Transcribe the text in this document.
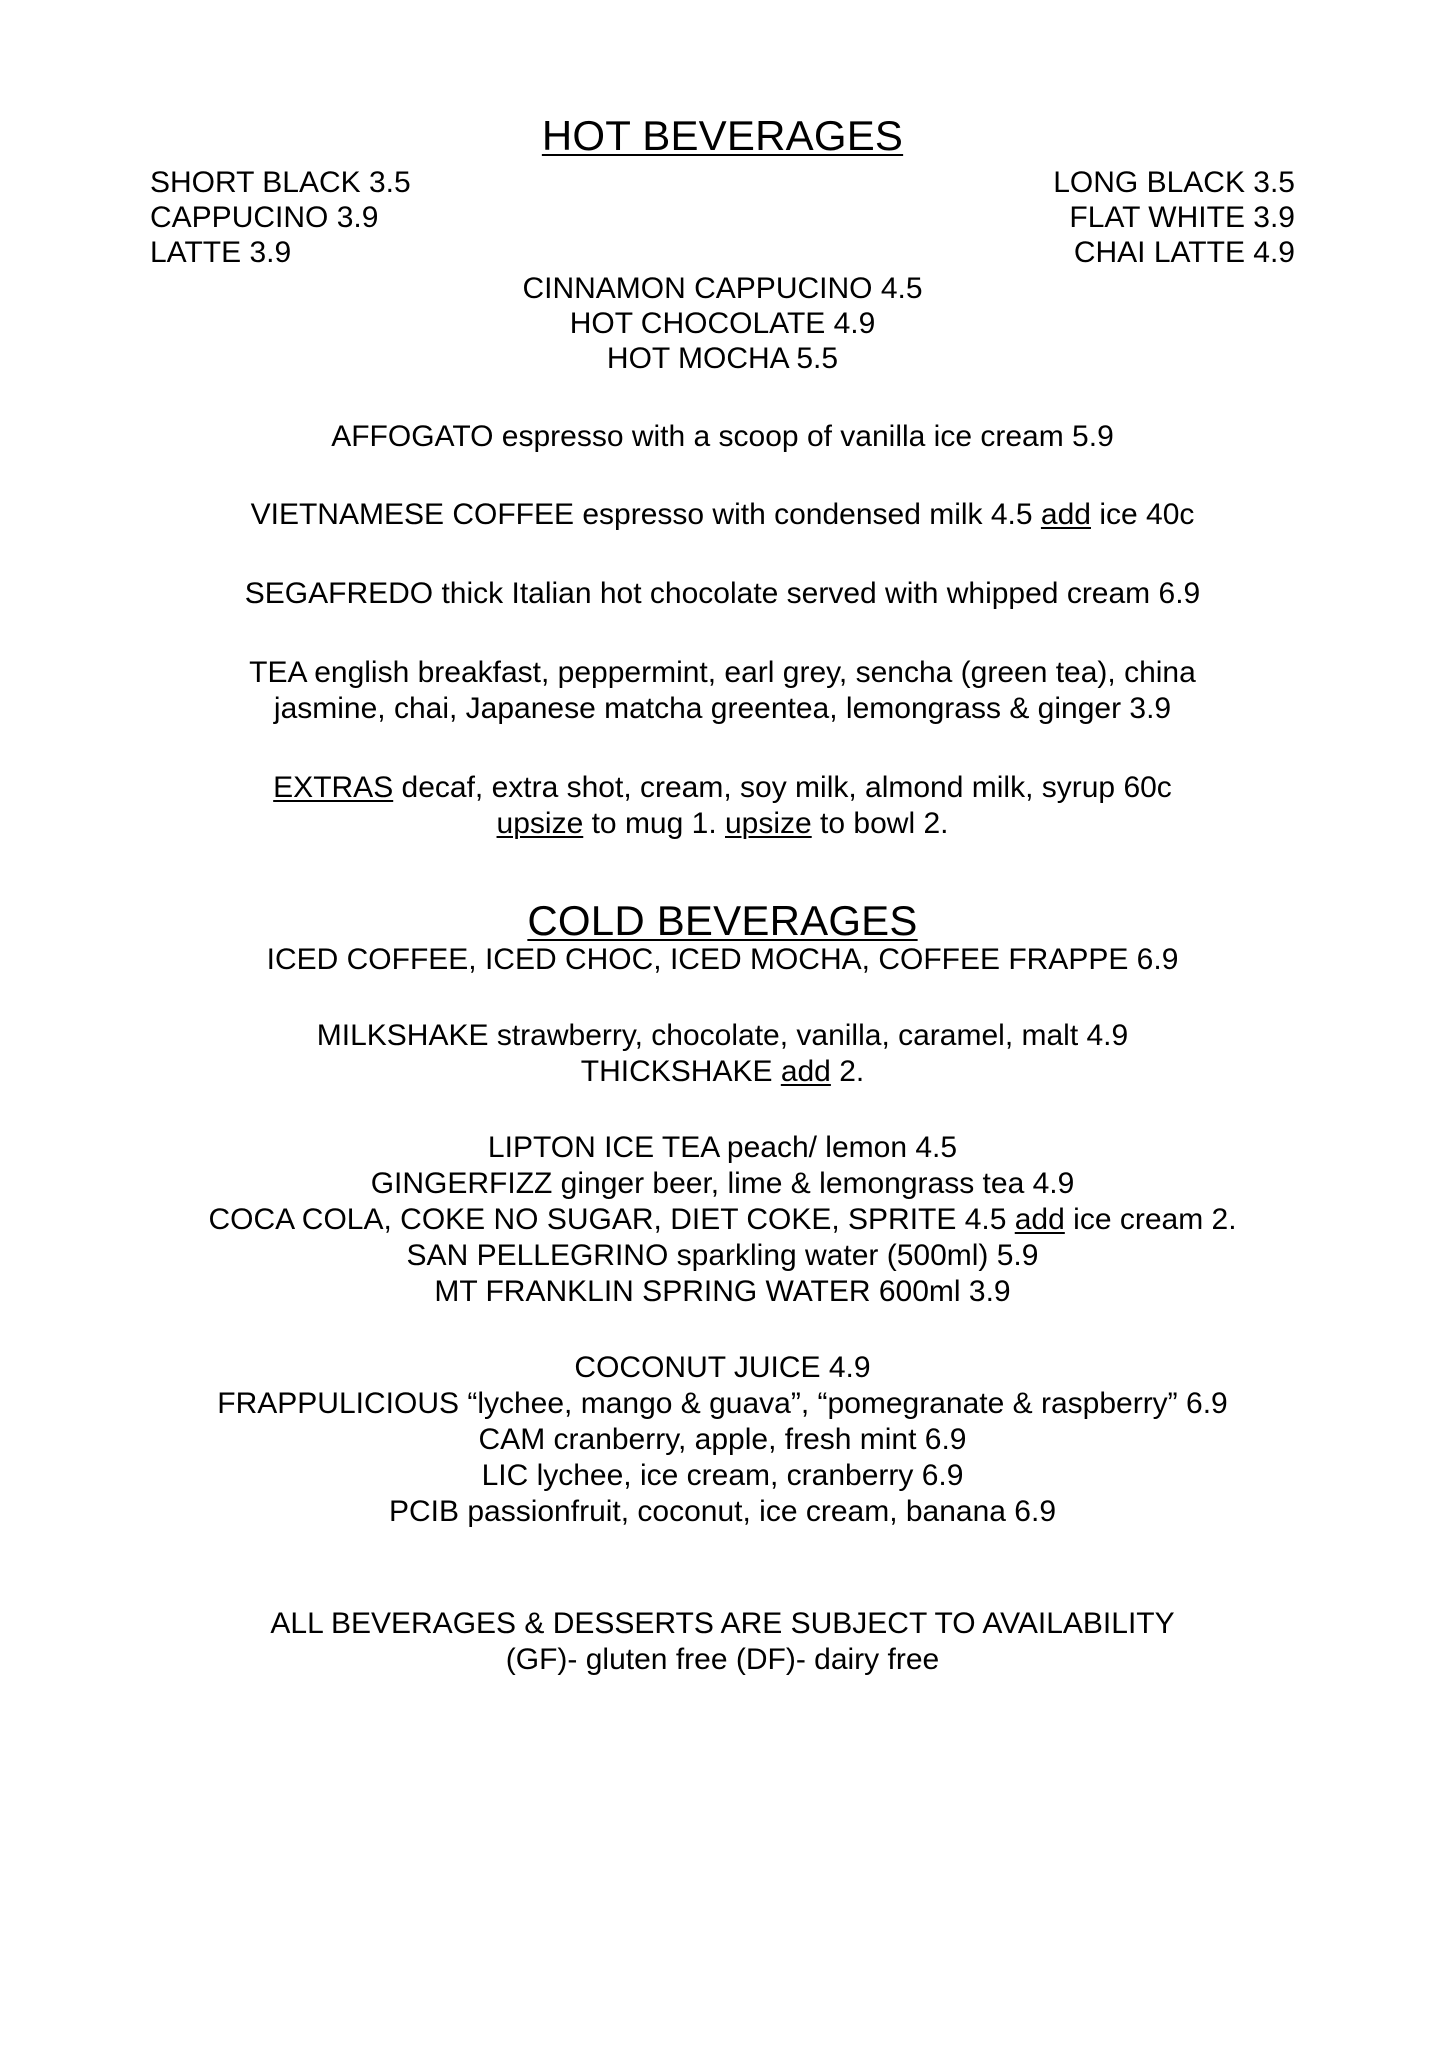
HOT BEVERAGES
SHORT BLACK 3.5
CAPPUCINO 3.9
LATTE 3.9
LONG BLACK 3.5
FLAT WHITE 3.9
CHAI LATTE 4.9
CINNAMON CAPPUCINO 4.5
HOT CHOCOLATE 4.9
HOT MOCHA 5.5
AFFOGATO espresso with a scoop of vanilla ice cream 5.9
VIETNAMESE COFFEE espresso with condensed milk 4.5 add ice 40c
SEGAFREDO thick Italian hot chocolate served with whipped cream 6.9
TEA english breakfast, peppermint, earl grey, sencha (green tea), china
jasmine, chai, Japanese matcha greentea, lemongrass & ginger 3.9
EXTRAS decaf, extra shot, cream, soy milk, almond milk, syrup 60c
upsize to mug 1. upsize to bowl 2.
COLD BEVERAGES
ICED COFFEE, ICED CHOC, ICED MOCHA, COFFEE FRAPPE 6.9
MILKSHAKE strawberry, chocolate, vanilla, caramel, malt 4.9
THICKSHAKE add 2.
LIPTON ICE TEA peach/ lemon 4.5
GINGERFIZZ ginger beer, lime & lemongrass tea 4.9
COCA COLA, COKE NO SUGAR, DIET COKE, SPRITE 4.5 add ice cream 2.
SAN PELLEGRINO sparkling water (500ml) 5.9
MT FRANKLIN SPRING WATER 600ml 3.9
COCONUT JUICE 4.9
FRAPPULICIOUS “lychee, mango & guava”, “pomegranate & raspberry” 6.9
CAM cranberry, apple, fresh mint 6.9
LIC lychee, ice cream, cranberry 6.9
PCIB passionfruit, coconut, ice cream, banana 6.9
ALL BEVERAGES & DESSERTS ARE SUBJECT TO AVAILABILITY
(GF)- gluten free (DF)- dairy free
